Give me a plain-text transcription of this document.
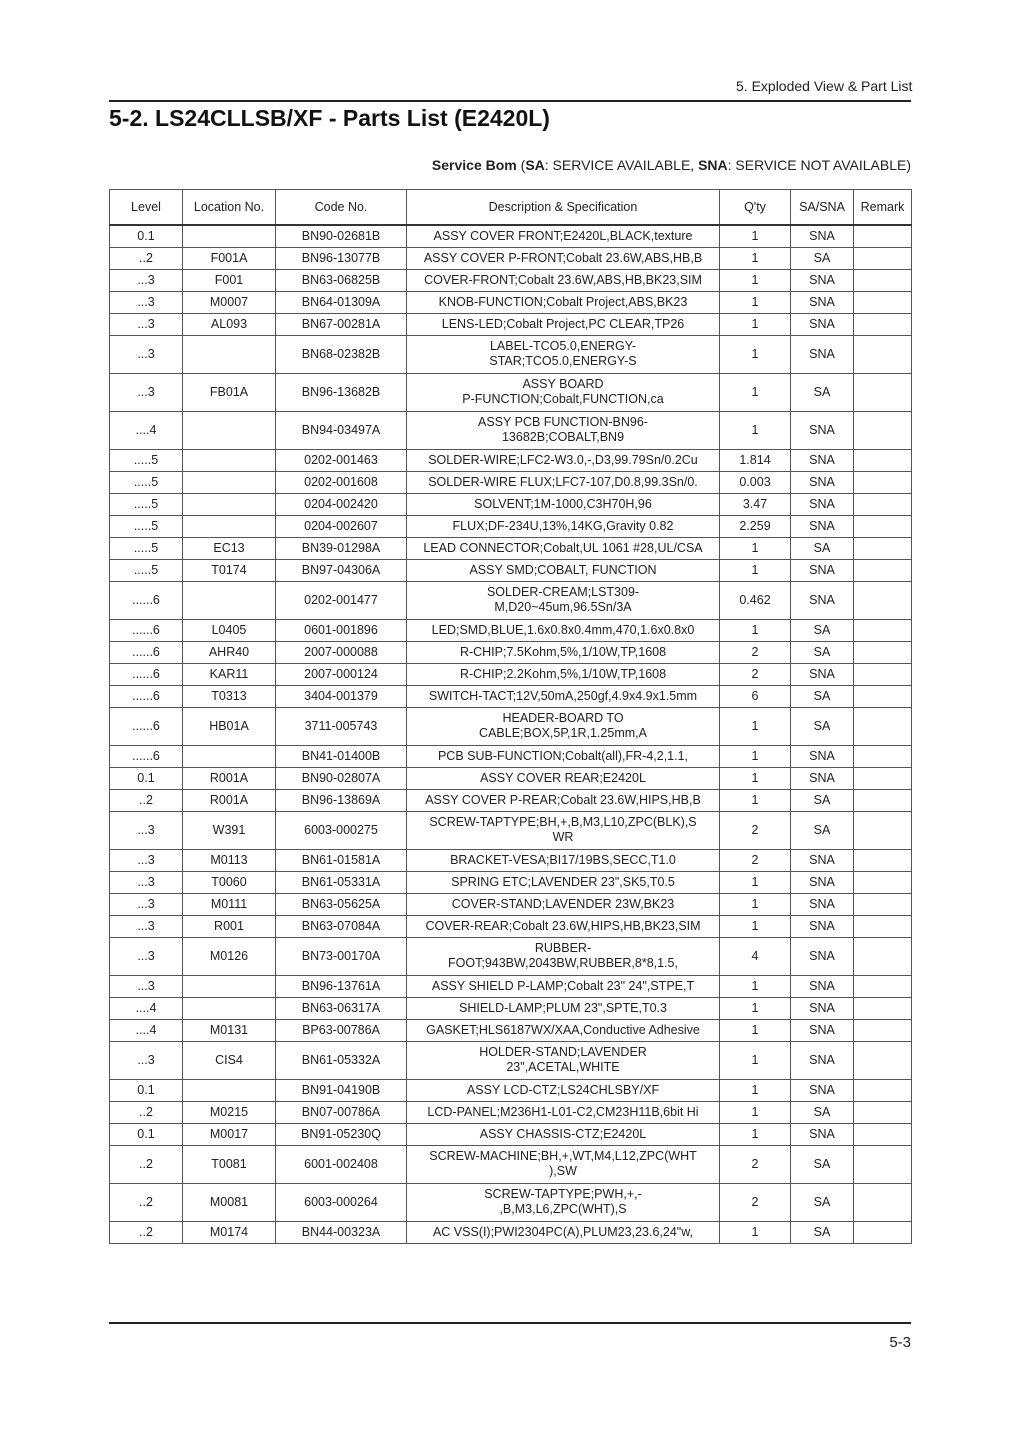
5. Exploded View & Part List
5-2. LS24CLLSB/XF - Parts List (E2420L)
Service Bom (SA: SERVICE AVAILABLE, SNA: SERVICE NOT AVAILABLE)
Level	Location No.	Code No.	Description & Specification	Q'ty	SA/SNA	Remark
0.1		BN90-02681B	ASSY COVER FRONT;E2420L,BLACK,texture	1	SNA	
..2	F001A	BN96-13077B	ASSY COVER P-FRONT;Cobalt 23.6W,ABS,HB,B	1	SA	
...3	F001	BN63-06825B	COVER-FRONT;Cobalt 23.6W,ABS,HB,BK23,SIM	1	SNA	
...3	M0007	BN64-01309A	KNOB-FUNCTION;Cobalt Project,ABS,BK23	1	SNA	
...3	AL093	BN67-00281A	LENS-LED;Cobalt Project,PC CLEAR,TP26	1	SNA	
...3		BN68-02382B	LABEL-TCO5.0,ENERGY-
STAR;TCO5.0,ENERGY-S	1	SNA	
...3	FB01A	BN96-13682B	ASSY BOARD
P-FUNCTION;Cobalt,FUNCTION,ca	1	SA	
....4		BN94-03497A	ASSY PCB FUNCTION-BN96-
13682B;COBALT,BN9	1	SNA	
.....5		0202-001463	SOLDER-WIRE;LFC2-W3.0,-,D3,99.79Sn/0.2Cu	1.814	SNA	
.....5		0202-001608	SOLDER-WIRE FLUX;LFC7-107,D0.8,99.3Sn/0.	0.003	SNA	
.....5		0204-002420	SOLVENT;1M-1000,C3H70H,96	3.47	SNA	
.....5		0204-002607	FLUX;DF-234U,13%,14KG,Gravity 0.82	2.259	SNA	
.....5	EC13	BN39-01298A	LEAD CONNECTOR;Cobalt,UL 1061 #28,UL/CSA	1	SA	
.....5	T0174	BN97-04306A	ASSY SMD;COBALT, FUNCTION	1	SNA	
......6		0202-001477	SOLDER-CREAM;LST309-
M,D20~45um,96.5Sn/3A	0.462	SNA	
......6	L0405	0601-001896	LED;SMD,BLUE,1.6x0.8x0.4mm,470,1.6x0.8x0	1	SA	
......6	AHR40	2007-000088	R-CHIP;7.5Kohm,5%,1/10W,TP,1608	2	SA	
......6	KAR11	2007-000124	R-CHIP;2.2Kohm,5%,1/10W,TP,1608	2	SNA	
......6	T0313	3404-001379	SWITCH-TACT;12V,50mA,250gf,4.9x4.9x1.5mm	6	SA	
......6	HB01A	3711-005743	HEADER-BOARD TO
CABLE;BOX,5P,1R,1.25mm,A	1	SA	
......6		BN41-01400B	PCB SUB-FUNCTION;Cobalt(all),FR-4,2,1.1,	1	SNA	
0.1	R001A	BN90-02807A	ASSY COVER REAR;E2420L	1	SNA	
..2	R001A	BN96-13869A	ASSY COVER P-REAR;Cobalt 23.6W,HIPS,HB,B	1	SA	
...3	W391	6003-000275	SCREW-TAPTYPE;BH,+,B,M3,L10,ZPC(BLK),S
WR	2	SA	
...3	M0113	BN61-01581A	BRACKET-VESA;BI17/19BS,SECC,T1.0	2	SNA	
...3	T0060	BN61-05331A	SPRING ETC;LAVENDER 23",SK5,T0.5	1	SNA	
...3	M0111	BN63-05625A	COVER-STAND;LAVENDER 23W,BK23	1	SNA	
...3	R001	BN63-07084A	COVER-REAR;Cobalt 23.6W,HIPS,HB,BK23,SIM	1	SNA	
...3	M0126	BN73-00170A	RUBBER-
FOOT;943BW,2043BW,RUBBER,8*8,1.5,	4	SNA	
...3		BN96-13761A	ASSY SHIELD P-LAMP;Cobalt 23" 24",STPE,T	1	SNA	
....4		BN63-06317A	SHIELD-LAMP;PLUM 23",SPTE,T0.3	1	SNA	
....4	M0131	BP63-00786A	GASKET;HLS6187WX/XAA,Conductive Adhesive	1	SNA	
...3	CIS4	BN61-05332A	HOLDER-STAND;LAVENDER
23",ACETAL,WHITE	1	SNA	
0.1		BN91-04190B	ASSY LCD-CTZ;LS24CHLSBY/XF	1	SNA	
..2	M0215	BN07-00786A	LCD-PANEL;M236H1-L01-C2,CM23H11B,6bit Hi	1	SA	
0.1	M0017	BN91-05230Q	ASSY CHASSIS-CTZ;E2420L	1	SNA	
..2	T0081	6001-002408	SCREW-MACHINE;BH,+,WT,M4,L12,ZPC(WHT
),SW	2	SA	
..2	M0081	6003-000264	SCREW-TAPTYPE;PWH,+,-
,B,M3,L6,ZPC(WHT),S	2	SA	
..2	M0174	BN44-00323A	AC VSS(I);PWI2304PC(A),PLUM23,23.6,24"w,	1	SA	
5-3
